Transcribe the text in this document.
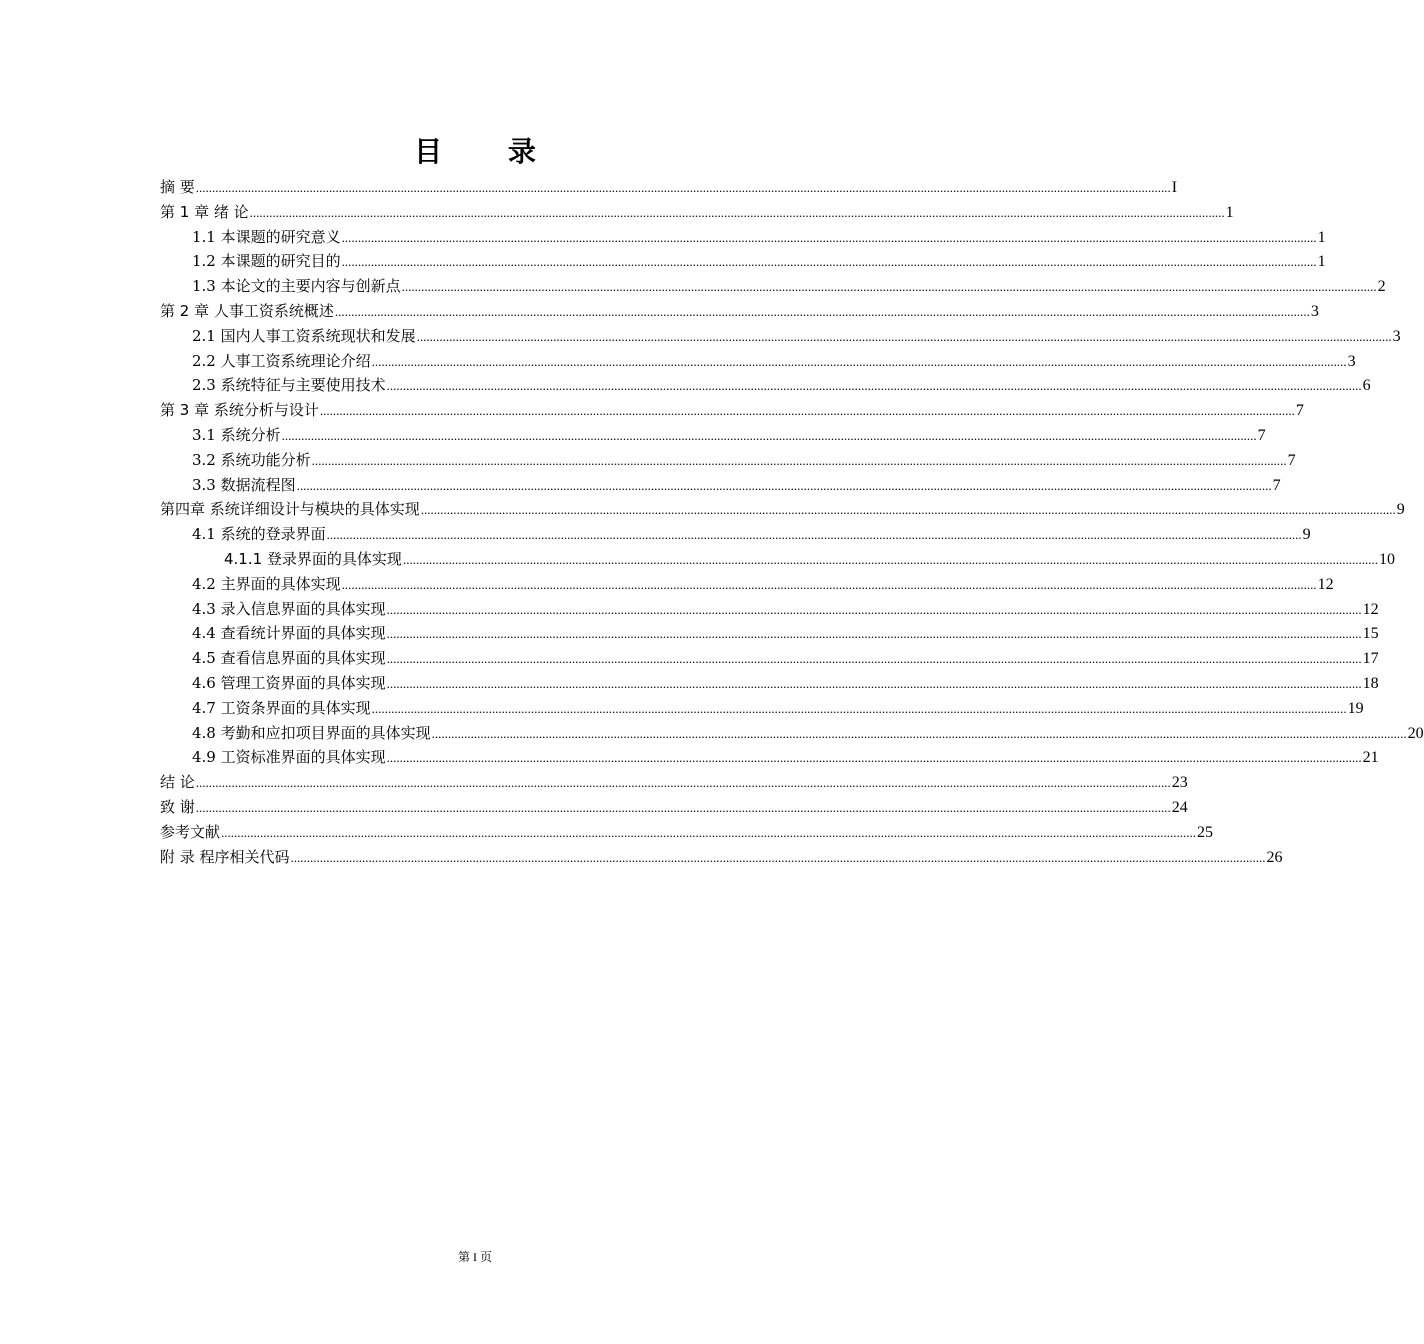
目 录
摘 要 ............................................................................................................................................................................................................................................................................................................ I
第 1 章 绪 论 ............................................................................................................................................................................................................................................................................................................ 1
1.1 本课题的研究意义 ............................................................................................................................................................................................................................................................................................................ 1
1.2 本课题的研究目的 ............................................................................................................................................................................................................................................................................................................ 1
1.3 本论文的主要内容与创新点 ............................................................................................................................................................................................................................................................................................................ 2
第 2 章 人事工资系统概述 ............................................................................................................................................................................................................................................................................................................ 3
2.1 国内人事工资系统现状和发展 ............................................................................................................................................................................................................................................................................................................ 3
2.2 人事工资系统理论介绍 ............................................................................................................................................................................................................................................................................................................ 3
2.3 系统特征与主要使用技术 ............................................................................................................................................................................................................................................................................................................ 6
第 3 章 系统分析与设计 ............................................................................................................................................................................................................................................................................................................ 7
3.1 系统分析 ............................................................................................................................................................................................................................................................................................................ 7
3.2 系统功能分析 ............................................................................................................................................................................................................................................................................................................ 7
3.3 数据流程图 ............................................................................................................................................................................................................................................................................................................ 7
第四章 系统详细设计与模块的具体实现 ............................................................................................................................................................................................................................................................................................................ 9
4.1 系统的登录界面 ............................................................................................................................................................................................................................................................................................................ 9
4.1.1 登录界面的具体实现 ............................................................................................................................................................................................................................................................................................................ 10
4.2 主界面的具体实现 ............................................................................................................................................................................................................................................................................................................ 12
4.3 录入信息界面的具体实现 ............................................................................................................................................................................................................................................................................................................ 12
4.4 查看统计界面的具体实现 ............................................................................................................................................................................................................................................................................................................ 15
4.5 查看信息界面的具体实现 ............................................................................................................................................................................................................................................................................................................ 17
4.6 管理工资界面的具体实现 ............................................................................................................................................................................................................................................................................................................ 18
4.7 工资条界面的具体实现 ............................................................................................................................................................................................................................................................................................................ 19
4.8 考勤和应扣项目界面的具体实现 ............................................................................................................................................................................................................................................................................................................ 20
4.9 工资标准界面的具体实现 ............................................................................................................................................................................................................................................................................................................ 21
结 论 ............................................................................................................................................................................................................................................................................................................ 23
致 谢 ............................................................................................................................................................................................................................................................................................................ 24
参考文献 ............................................................................................................................................................................................................................................................................................................ 25
附 录 程序相关代码 ............................................................................................................................................................................................................................................................................................................ 26
第 I 页
